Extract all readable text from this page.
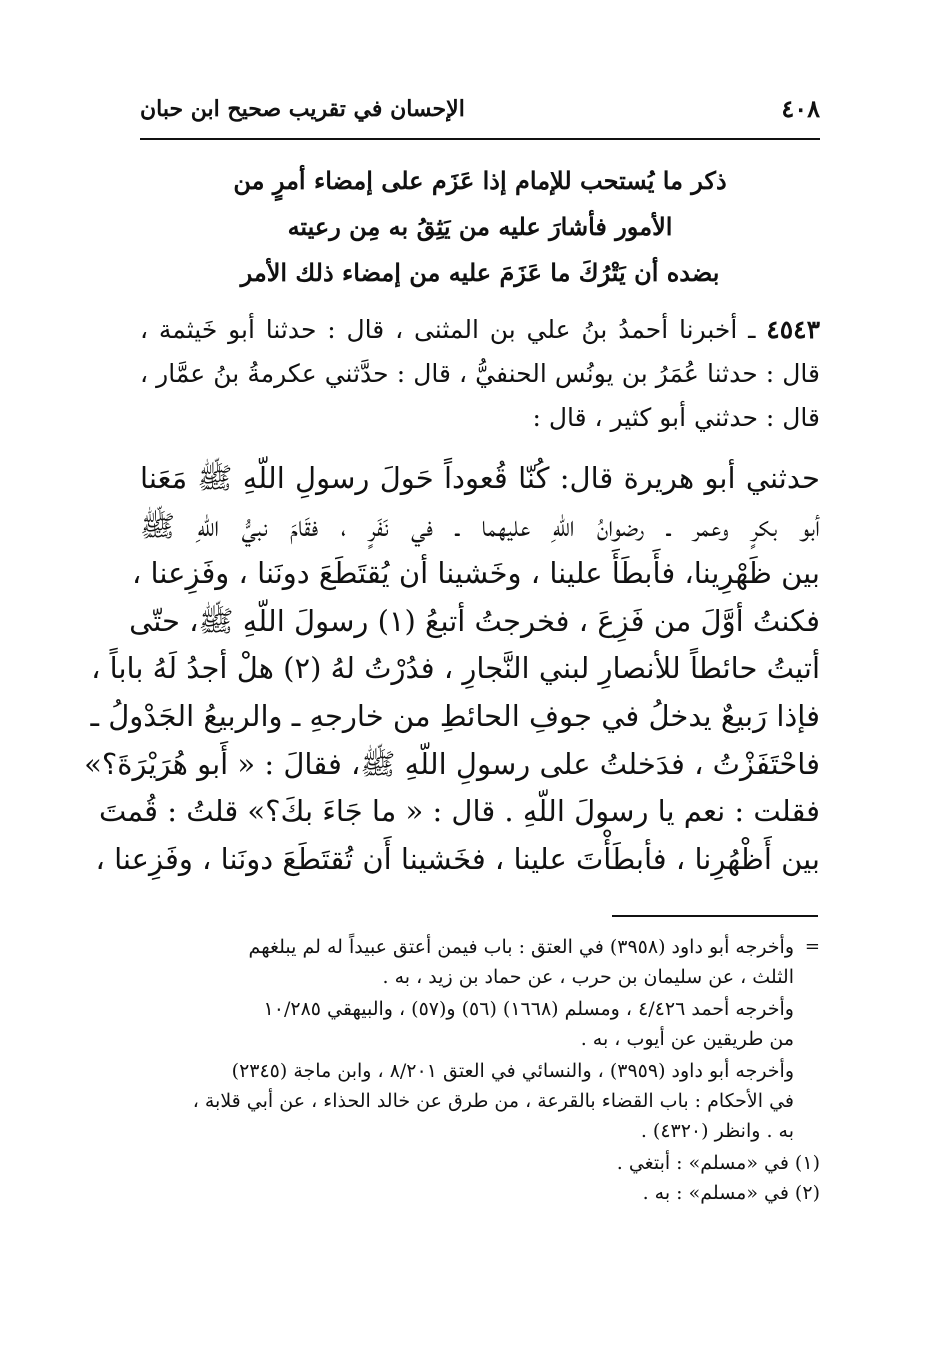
٤٠٨
الإحسان في تقريب صحيح ابن حبان
ذكر ما يُستحب للإمام إذا عَزَم على إمضاء أمرٍ من
الأمور فأشارَ عليه من يَثِقُ به مِن رعيته
بضده أن يَتْرُكَ ما عَزَمَ عليه من إمضاء ذلك الأمر
٤٥٤٣ ـ أخبرنا أحمدُ بنُ علي بن المثنى ، قال : حدثنا أبو خَيثمة ، قال : حدثنا عُمَرُ بن يونُس الحنفيُّ ، قال : حدَّثني عكرمةُ بنُ عمَّار ، قال : حدثني أبو كثير ، قال :
حدثني أبو هريرة قال: كُنّا قُعوداً حَولَ رسولِ اللّهِ ﷺ مَعَنا
أبو بكرٍ وعمر ـ رضوانُ اللّهِ عليهما ـ في نَفَرٍ ، فقَامَ نبيُّ اللّهِ ﷺ
بين ظَهْرِينا، فأَبطَأَ علينا ، وخَشينا أن يُقتَطَعَ دونَنا ، وفَزِعنا ،
فكنتُ أوَّلَ من فَزِعَ ، فخرجتُ أتبعُ (١) رسولَ اللّهِ ﷺ، حتّى
أتيتُ حائطاً للأنصارِ لبني النَّجارِ ، فدُرْتُ لهُ (٢) هلْ أجدُ لَهُ باباً ،
فإذا رَبيعٌ يدخلُ في جوفِ الحائطِ من خارجهِ ـ والربيعُ الجَدْولُ ـ
فاحْتَفَزْتُ ، فدَخلتُ على رسولِ اللّهِ ﷺ، فقالَ : « أَبو هُرَيْرَةَ؟»
فقلت : نعم يا رسولَ اللّهِ . قال : « ما جَاءَ بكَ؟» قلتُ : قُمتَ
بين أَظْهُرِنا ، فأبطَأْتَ علينا ، فخَشينا أَن تُقتَطَعَ دونَنا ، وفَزِعنا ،
= وأخرجه أبو داود (٣٩٥٨) في العتق : باب فيمن أعتق عبيداً له لم يبلغهم
الثلث ، عن سليمان بن حرب ، عن حماد بن زيد ، به .
وأخرجه أحمد ٤/٤٢٦ ، ومسلم (١٦٦٨) (٥٦) و(٥٧) ، والبيهقي ١٠/٢٨٥
من طريقين عن أيوب ، به .
وأخرجه أبو داود (٣٩٥٩) ، والنسائي في العتق ٨/٢٠١ ، وابن ماجة (٢٣٤٥)
في الأحكام : باب القضاء بالقرعة ، من طرق عن خالد الحذاء ، عن أبي قلابة ،
به . وانظر (٤٣٢٠) .
(١) في «مسلم» : أبتغي .
(٢) في «مسلم» : به .
